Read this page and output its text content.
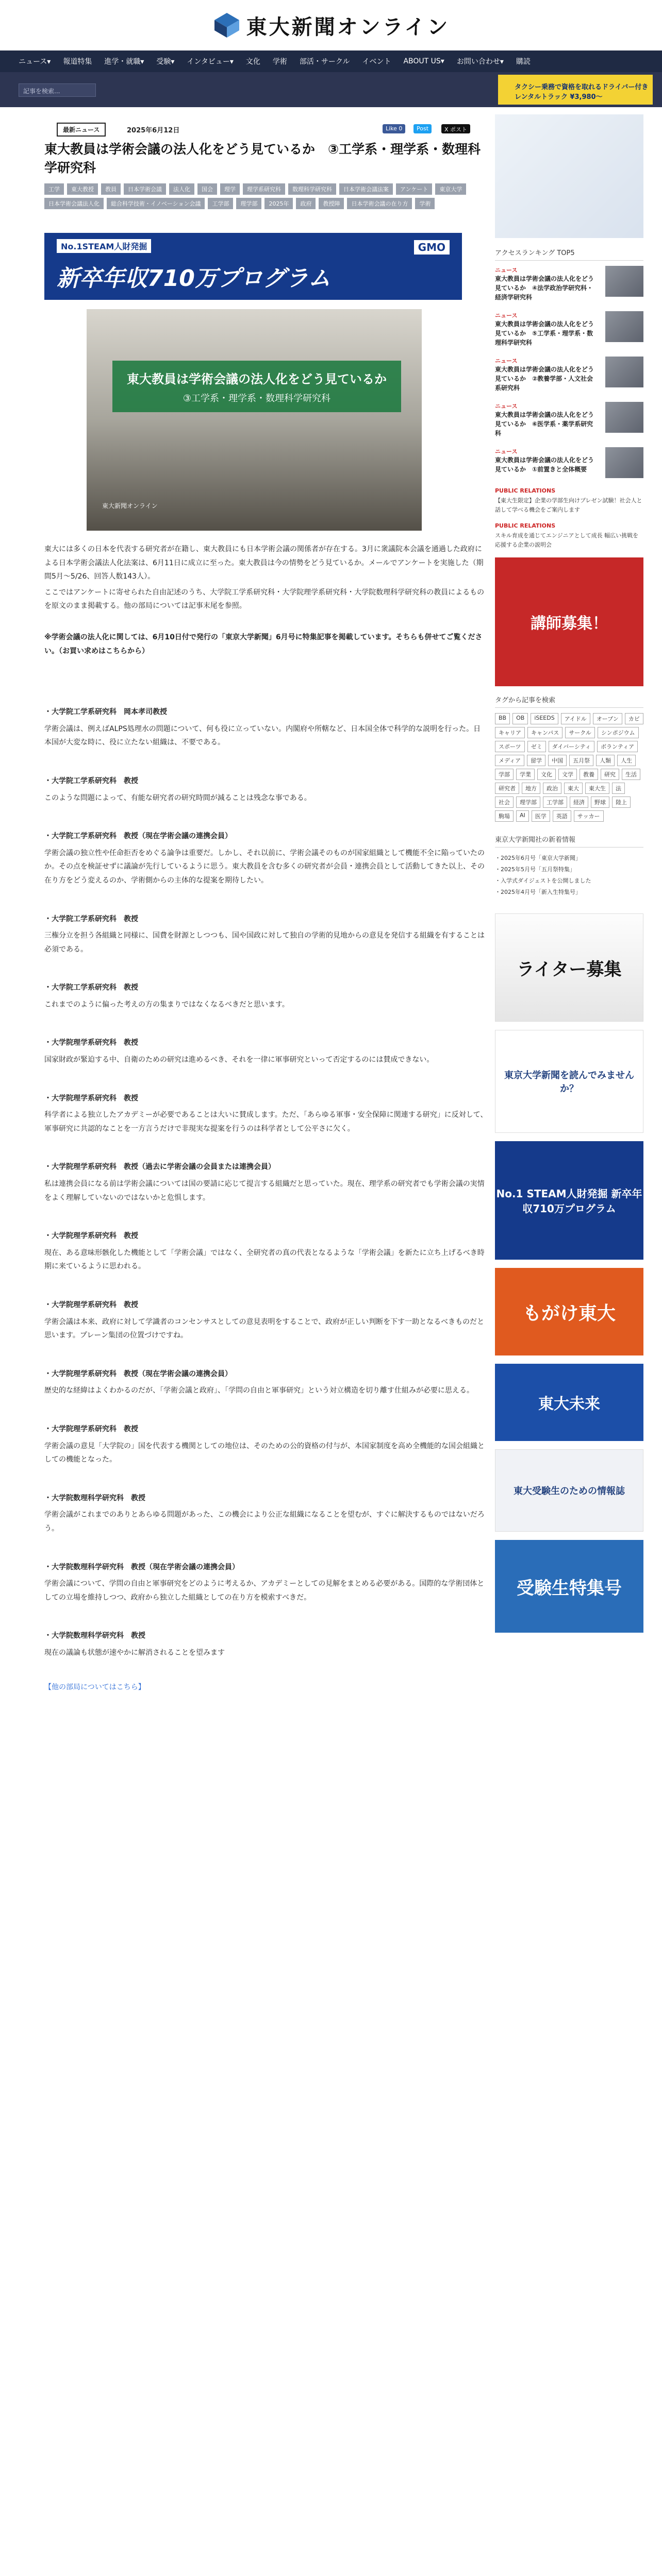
東大新聞オンライン
ニュース▾ 報道特集 進学・就職▾ 受験▾ インタビュー▾ 文化 学術 部活・サークル イベント ABOUT US▾ お問い合わせ▾ 購読
記事を検索...	タクシー乗務で資格を取れるドライバー付きレンタルトラック ¥3,980〜
最新ニュース	2025年6月12日	Like 0	Post	X ポスト
東大教員は学術会議の法人化をどう見ているか　③工学系・理学系・数理科学研究科
工学	東大教授	教員	日本学術会議	法人化	国会	理学	理学系研究科	数理科学研究科	日本学術会議法案	アンケート	東京大学
日本学術会議法人化	総合科学技術・イノベーション会議	工学部	理学部	2025年	政府	教授陣	日本学術会議の在り方	学術
No.1STEAM人財発掘
新卒年収710万プログラム
GMO
東大教員は学術会議の法人化をどう見ているか
③工学系・理学系・数理科学研究科
東大新聞オンライン

東大には多くの日本を代表する研究者が在籍し、東大教員にも日本学術会議の関係者が存在する。3月に衆議院本会議を通過した政府による日本学術会議法人化法案は、6月11日に成立に至った。東大教員は今の情勢をどう見ているか。メールでアンケートを実施した（期間5月〜5/26、回答人数143人）。

ここではアンケートに寄せられた自由記述のうち、大学院工学系研究科・大学院理学系研究科・大学院数理科学研究科の教員によるものを原文のまま掲載する。他の部局については記事末尾を参照。

※学術会議の法人化に関しては、6月10日付で発行の「東京大学新聞」6月号に特集記事を掲載しています。そちらも併せてご覧ください。（お買い求めはこちらから）

・大学院工学系研究科　岡本孝司教授

学術会議は、例えばALPS処理水の問題について、何も役に立っていない。内閣府や所轄など、日本国全体で科学的な説明を行った。日本国が大変な時に、役に立たない組織は、不要である。

・大学院工学系研究科　教授

このような問題によって、有能な研究者の研究時間が減ることは残念な事である。

・大学院工学系研究科　教授（現在学術会議の連携会員）

学術会議の独立性や任命拒否をめぐる論争は重要だ。しかし、それ以前に、学術会議そのものが国家組織として機能不全に陥っていたのか。その点を検証せずに議論が先行しているように思う。東大教員を含む多くの研究者が会員・連携会員として活動してきた以上、その在り方をどう変えるのか、学術側からの主体的な提案を期待したい。

・大学院工学系研究科　教授

三権分立を担う各組織と同様に、国費を財源としつつも、国や国政に対して独自の学術的見地からの意見を発信する組織を有することは必須である。

・大学院工学系研究科　教授

これまでのように偏った考えの方の集まりではなくなるべきだと思います。

・大学院理学系研究科　教授

国家財政が緊迫する中、自衛のための研究は進めるべき、それを一律に軍事研究といって否定するのには賛成できない。

・大学院理学系研究科　教授

科学者による独立したアカデミーが必要であることは大いに賛成します。ただ、「あらゆる軍事・安全保障に関連する研究」に反対して、軍事研究に共認的なことを一方言うだけで非現実な提案を行うのは科学者として公平さに欠く。

・大学院理学系研究科　教授（過去に学術会議の会員または連携会員）

私は連携会員になる前は学術会議については国の要請に応じて提言する組織だと思っていた。現在、理学系の研究者でも学術会議の実情をよく理解していないのではないかと危惧します。

・大学院理学系研究科　教授

現在、ある意味形骸化した機能として「学術会議」ではなく、全研究者の真の代表となるような「学術会議」を新たに立ち上げるべき時期に来ているように思われる。

・大学院理学系研究科　教授

学術会議は本来、政府に対して学識者のコンセンサスとしての意見表明をすることで、政府が正しい判断を下す一助となるべきものだと思います。プレーン集団の位置づけですね。

・大学院理学系研究科　教授（現在学術会議の連携会員）

歴史的な経緯はよくわかるのだが、「学術会議と政府」、「学問の自由と軍事研究」という対立構造を切り離す仕組みが必要に思える。

・大学院理学系研究科　教授

学術会議の意見「大学院の」国を代表する機関としての地位は、そのための公的資格の付与が、本国家制度を高め全機能的な国会組織としての機能となった。

・大学院数理科学研究科　教授

学術会議がこれまでのありとあらゆる問題があった、この機会により公正な組織になることを望むが、すぐに解決するものではないだろう。

・大学院数理科学研究科　教授（現在学術会議の連携会員）

学術会議について、学問の自由と軍事研究をどのように考えるか、アカデミーとしての見解をまとめる必要がある。国際的な学術団体としての立場を維持しつつ、政府から独立した組織としての在り方を模索すべきだ。

・大学院数理科学研究科　教授

現在の議論も状態が速やかに解消されることを望みます

【他の部局についてはこちら】

アクセスランキング TOP5
ニュース
東大教員は学術会議の法人化をどう見ているか　④法学政治学研究科・経済学研究科
ニュース
東大教員は学術会議の法人化をどう見ているか　⑤工学系・理学系・数理科学研究科
ニュース
東大教員は学術会議の法人化をどう見ているか　②教養学部・人文社会系研究科
ニュース
東大教員は学術会議の法人化をどう見ているか　⑥医学系・薬学系研究科
ニュース
東大教員は学術会議の法人化をどう見ているか　①前置きと全体概要
PUBLIC RELATIONS
【東大生限定】企業の学部生向けプレゼン試験！社会人と話して学べる機会をご案内します
PUBLIC RELATIONS
スキル育成を通じてエンジニアとして成長 幅広い挑戦を応援する企業の説明会
講師募集！
タグから記事を検索
BB	OB	iSEEDS	アイドル	オープン	カビ
キャリア	キャンパス	サークル	シンポジウム
スポーツ	ゼミ	ダイバーシティ	ボランティア
メディア	留学	中国	五月祭	人類	人生
学部	学業	文化	文学	教養	研究	生活
研究者	地方	政治	東大	東大生	法
社会	理学部	工学部	経済	野球	陸上
駒場	AI	医学	英語	サッカー
東京大学新聞社の新着情報
・2025年6月号「東京大学新聞」
・2025年5月号「五月祭特集」
・入学式ダイジェストを公開しました
・2025年4月号「新入生特集号」
ライター募集
東京大学新聞を読んでみませんか？
No.1 STEAM人財発掘 新卒年収710万プログラム
もがけ東大
東大未来
東大受験生のための情報誌
受験生特集号
